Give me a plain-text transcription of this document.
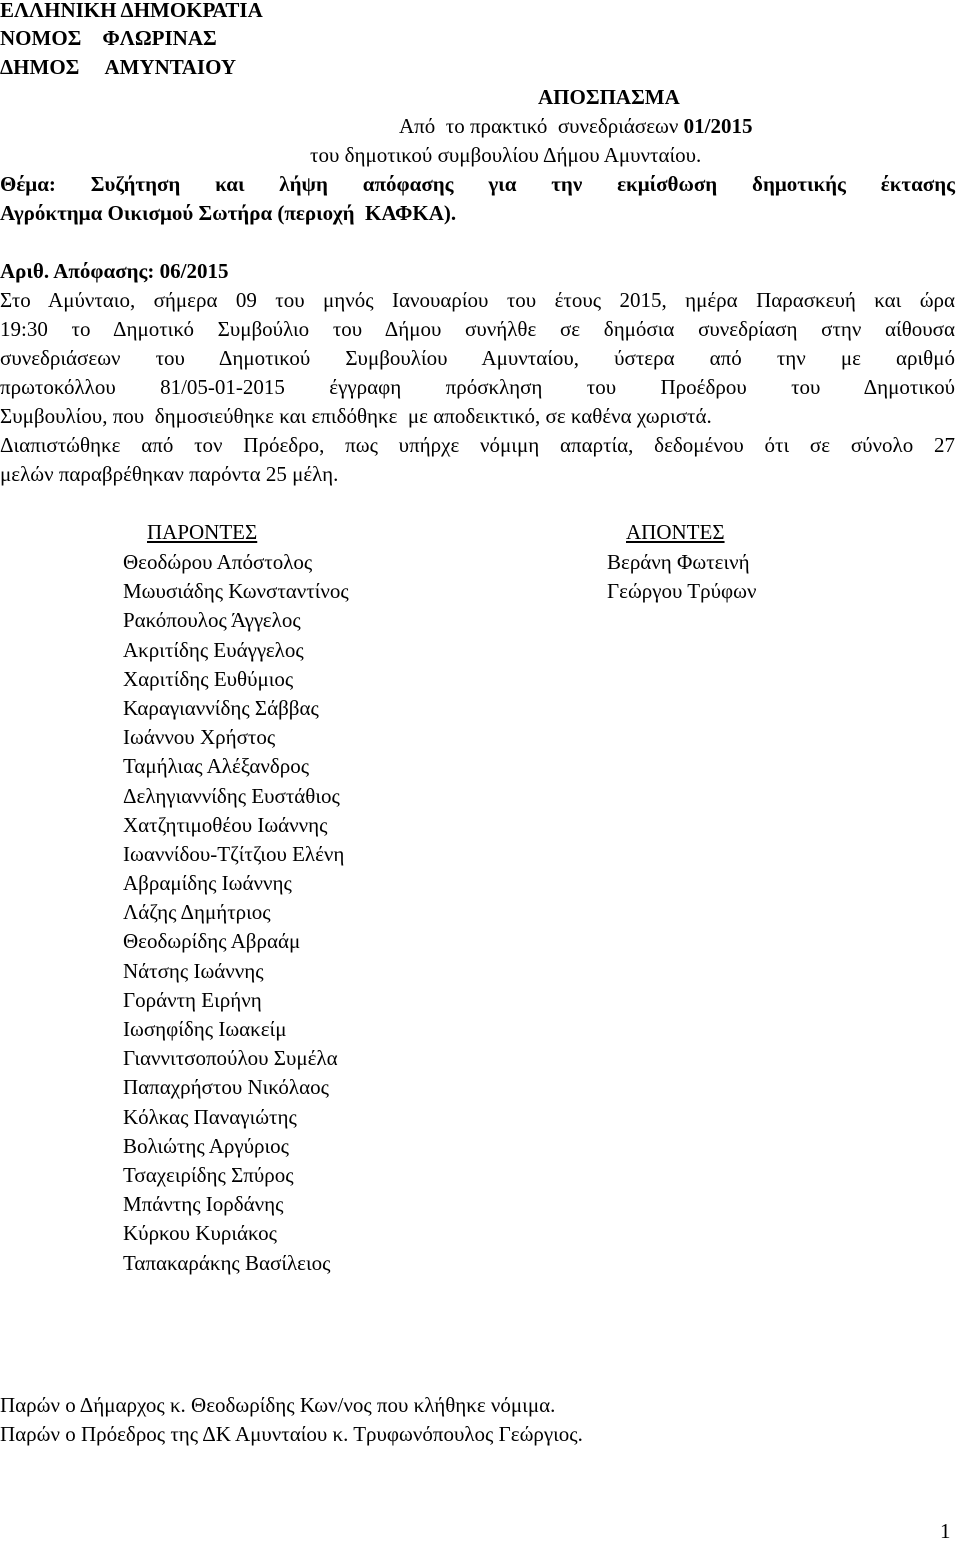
ΕΛΛΗΝΙΚΗ ΔΗΜΟΚΡΑΤΙΑ
ΝΟΜΟΣ    ΦΛΩΡΙΝΑΣ
ΔΗΜΟΣ     ΑΜΥΝΤΑΙΟΥ
ΑΠΟΣΠΑΣΜΑ
Από  το πρακτικό  συνεδριάσεων 01/2015
του δημοτικού συμβουλίου Δήμου Αμυνταίου.
Θέμα: Συζήτηση και λήψη απόφασης για την εκμίσθωση δημοτικής έκτασης
Αγρόκτημα Οικισμού Σωτήρα (περιοχή  ΚΑΦΚΑ).
Αριθ. Απόφασης: 06/2015
Στο Αμύνταιο, σήμερα 09 του μηνός Ιανουαρίου του έτους 2015, ημέρα Παρασκευή και ώρα
19:30 το Δημοτικό Συμβούλιο του Δήμου συνήλθε σε δημόσια συνεδρίαση στην αίθουσα
συνεδριάσεων του Δημοτικού Συμβουλίου Αμυνταίου, ύστερα από την με αριθμό
πρωτοκόλλου 81/05-01-2015 έγγραφη πρόσκληση του Προέδρου του Δημοτικού
Συμβουλίου, που  δημοσιεύθηκε και επιδόθηκε  με αποδεικτικό, σε καθένα χωριστά.
Διαπιστώθηκε από τον Πρόεδρο, πως υπήρχε νόμιμη απαρτία, δεδομένου ότι σε σύνολο 27
μελών παραβρέθηκαν παρόντα 25 μέλη.
ΠΑΡΟΝΤΕΣ	ΑΠΟΝΤΕΣ
Θεοδώρου Απόστολος
Μωυσιάδης Κωνσταντίνος
Ρακόπουλος Άγγελος
Ακριτίδης Ευάγγελος
Χαριτίδης Ευθύμιος
Καραγιαννίδης Σάββας
Ιωάννου Χρήστος
Ταμήλιας Αλέξανδρος
Δεληγιαννίδης Ευστάθιος
Χατζητιμοθέου Ιωάννης
Ιωαννίδου-Τζίτζιου Ελένη
Αβραμίδης Ιωάννης
Λάζης Δημήτριος
Θεοδωρίδης Αβραάμ
Νάτσης Ιωάννης
Γοράντη Ειρήνη
Ιωσηφίδης Ιωακείμ
Γιαννιτσοπούλου Συμέλα
Παπαχρήστου Νικόλαος
Κόλκας Παναγιώτης
Βολιώτης Αργύριος
Τσαχειρίδης Σπύρος
Μπάντης Ιορδάνης
Κύρκου Κυριάκος
Ταπακαράκης Βασίλειος
Βεράνη Φωτεινή
Γεώργου Τρύφων
Παρών ο Δήμαρχος κ. Θεοδωρίδης Κων/νος που κλήθηκε νόμιμα.
Παρών ο Πρόεδρος της ΔΚ Αμυνταίου κ. Τρυφωνόπουλος Γεώργιος.
1
